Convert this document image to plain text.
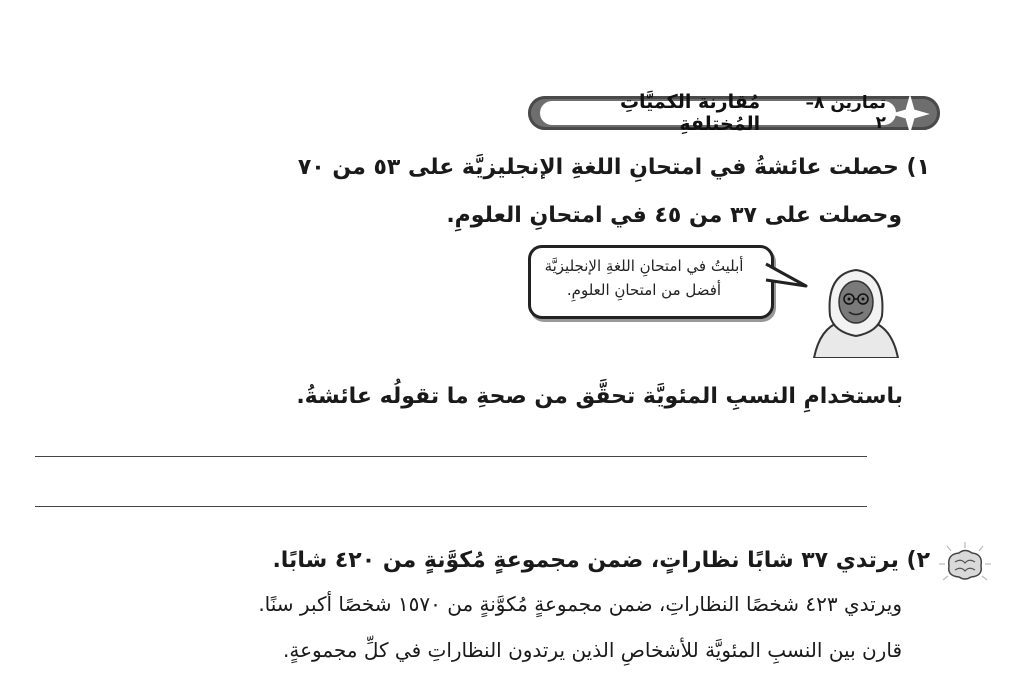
تمارين ٨–٢
مُقارنة الكميَّاتِ المُختلفةِ
١) حصلت عائشةُ في امتحانِ اللغةِ الإنجليزيَّة على ٥٣ من ٧٠
وحصلت على ٣٧ من ٤٥ في امتحانِ العلومِ.
أبليتُ في امتحانِ اللغةِ الإنجليزيَّة
أفضل من امتحانِ العلومِ.
باستخدامِ النسبِ المئويَّة تحقَّق من صحةِ ما تقولُه عائشةُ.
٢) يرتدي ٣٧ شابًا نظاراتٍ، ضمن مجموعةٍ مُكوَّنةٍ من ٤٢٠ شابًا.
ويرتدي ٤٢٣ شخصًا النظاراتِ، ضمن مجموعةٍ مُكوَّنةٍ من ١٥٧٠ شخصًا أكبر سنًا.
قارن بين النسبِ المئويَّة للأشخاصِ الذين يرتدون النظاراتِ في كلِّ مجموعةٍ.
